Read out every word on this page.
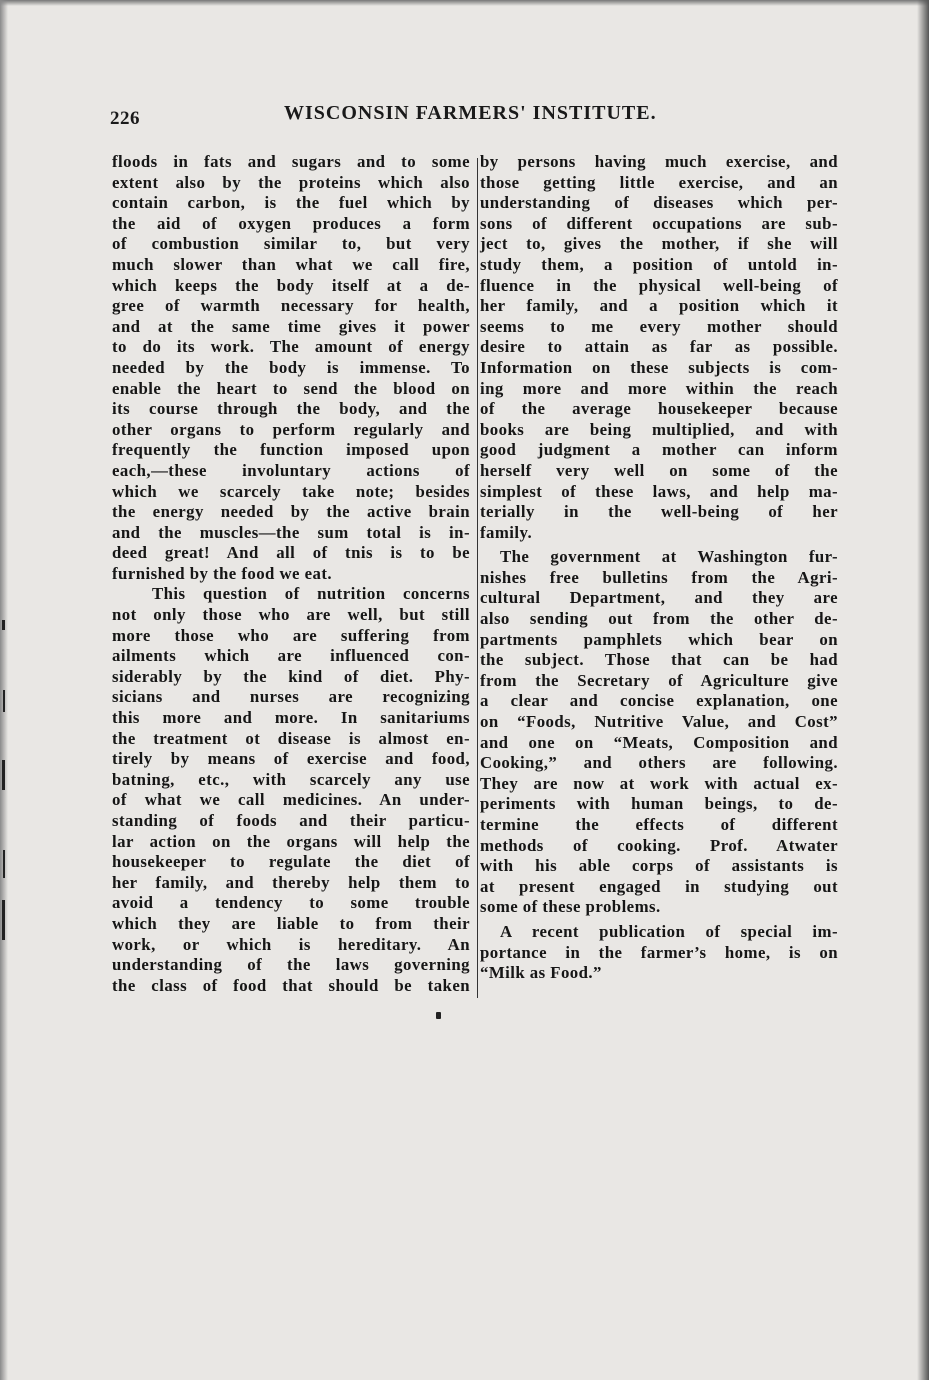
226	WISCONSIN FARMERS' INSTITUTE.

floods in fats and sugars and to some
extent also by the proteins which also
contain carbon, is the fuel which by
the aid of oxygen produces a form
of combustion similar to, but very
much slower than what we call fire,
which keeps the body itself at a de-
gree of warmth necessary for health,
and at the same time gives it power
to do its work. The amount of energy
needed by the body is immense. To
enable the heart to send the blood on
its course through the body, and the
other organs to perform regularly and
frequently the function imposed upon
each,—these involuntary actions of
which we scarcely take note; besides
the energy needed by the active brain
and the muscles—the sum total is in-
deed great! And all of tnis is to be
furnished by the food we eat.

This question of nutrition concerns
not only those who are well, but still
more those who are suffering from
ailments which are influenced con-
siderably by the kind of diet. Phy-
sicians and nurses are recognizing
this more and more. In sanitariums
the treatment ot disease is almost en-
tirely by means of exercise and food,
batning, etc., with scarcely any use
of what we call medicines. An under-
standing of foods and their particu-
lar action on the organs will help the
housekeeper to regulate the diet of
her family, and thereby help them to
avoid a tendency to some trouble
which they are liable to from their
work, or which is hereditary. An
understanding of the laws governing
the class of food that should be taken

by persons having much exercise, and
those getting little exercise, and an
understanding of diseases which per-
sons of different occupations are sub-
ject to, gives the mother, if she will
study them, a position of untold in-
fluence in the physical well-being of
her family, and a position which it
seems to me every mother should
desire to attain as far as possible.
Information on these subjects is com-
ing more and more within the reach
of the average housekeeper because
books are being multiplied, and with
good judgment a mother can inform
herself very well on some of the
simplest of these laws, and help ma-
terially in the well-being of her
family.

The government at Washington fur-
nishes free bulletins from the Agri-
cultural Department, and they are
also sending out from the other de-
partments pamphlets which bear on
the subject. Those that can be had
from the Secretary of Agriculture give
a clear and concise explanation, one
on “Foods, Nutritive Value, and Cost”
and one on “Meats, Composition and
Cooking,” and others are following.
They are now at work with actual ex-
periments with human beings, to de-
termine the effects of different
methods of cooking. Prof. Atwater
with his able corps of assistants is
at present engaged in studying out
some of these problems.

A recent publication of special im-
portance in the farmer’s home, is on
“Milk as Food.”
